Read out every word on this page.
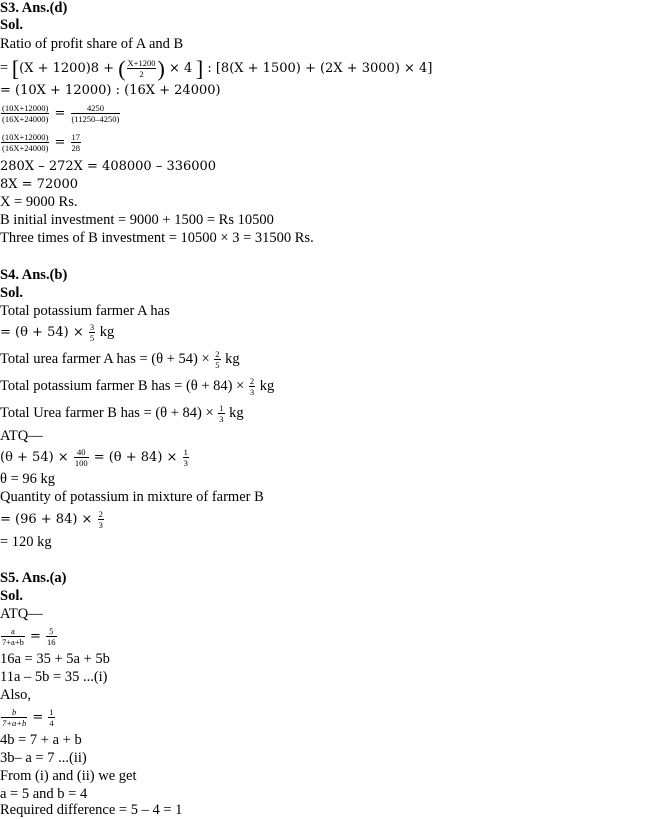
S3. Ans.(d)
Sol.
Ratio of profit share of A and B
= [(X + 1200)8 + ( $\frac{X+1200}{2}$ ) × 4 ] : [8(X + 1500) + (2X + 3000) × 4]
= (10X + 12000) : (16X + 24000)
$\frac{(10X+12000)}{(16X+24000)} = \frac{4250}{(11250-4250)}$
$\frac{(10X+12000)}{(16X+24000)} = \frac{17}{28}$
280X – 272X = 408000 – 336000
8X = 72000
X = 9000 Rs.
B initial investment = 9000 + 1500 = Rs 10500
Three times of B investment = 10500 × 3 = 31500 Rs.
S4. Ans.(b)
Sol.
Total potassium farmer A has
= $(\theta + 54) \times \frac{3}{5}$ kg
Total urea farmer A has = $(\theta + 54) \times \frac{2}{5}$ kg
Total potassium farmer B has = $(\theta + 84) \times \frac{2}{3}$ kg
Total Urea farmer B has = $(\theta + 84) \times \frac{1}{3}$ kg
ATQ—
$(\theta + 54) \times \frac{40}{100} = (\theta + 84) \times \frac{1}{3}$
θ = 96 kg
Quantity of potassium in mixture of farmer B
= $(96 + 84) \times \frac{2}{3}$
= 120 kg
S5. Ans.(a)
Sol.
ATQ—
$\frac{a}{7+a+b} = \frac{5}{16}$
16a = 35 + 5a + 5b
11a – 5b = 35 ...(i)
Also,
$\frac{b}{7+a+b} = \frac{1}{4}$
4b = 7 + a + b
3b– a = 7 ...(ii)
From (i) and (ii) we get
a = 5 and b = 4
Required difference = 5 – 4 = 1
